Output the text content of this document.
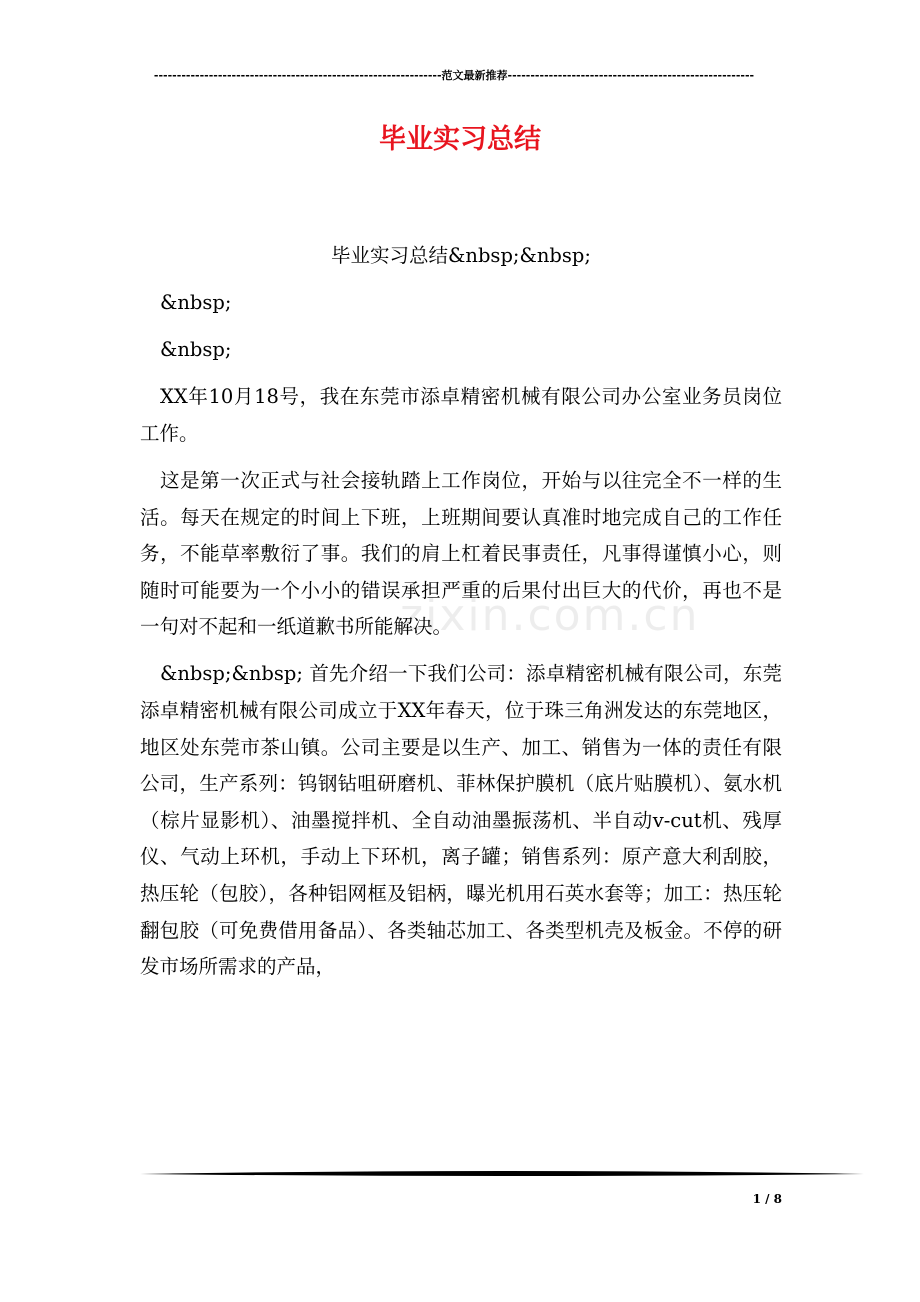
---------------------------------------------------------------范文最新推荐------------------------------------------------------
毕业实习总结
zixin.com.cn

毕业实习总结&nbsp;&nbsp;

&nbsp;

&nbsp;

XX年10月18号，我在东莞市添卓精密机械有限公司办公室业务员岗位工作。

这是第一次正式与社会接轨踏上工作岗位，开始与以往完全不一样的生活。每天在规定的时间上下班，上班期间要认真准时地完成自己的工作任务，不能草率敷衍了事。我们的肩上杠着民事责任，凡事得谨慎小心，则随时可能要为一个小小的错误承担严重的后果付出巨大的代价，再也不是一句对不起和一纸道歉书所能解决。

&nbsp;&nbsp; 首先介绍一下我们公司：添卓精密机械有限公司，东莞添卓精密机械有限公司成立于XX年春天，位于珠三角洲发达的东莞地区，地区处东莞市茶山镇。公司主要是以生产、加工、销售为一体的责任有限公司，生产系列：钨钢钻咀研磨机、菲林保护膜机（底片贴膜机）、氨水机（棕片显影机）、油墨搅拌机、全自动油墨振荡机、半自动v-cut机、残厚仪、气动上环机，手动上下环机，离子罐；销售系列：原产意大利刮胶，热压轮（包胶），各种铝网框及铝柄，曝光机用石英水套等；加工：热压轮翻包胶（可免费借用备品）、各类轴芯加工、各类型机壳及板金。不停的研发市场所需求的产品，

1 / 8
